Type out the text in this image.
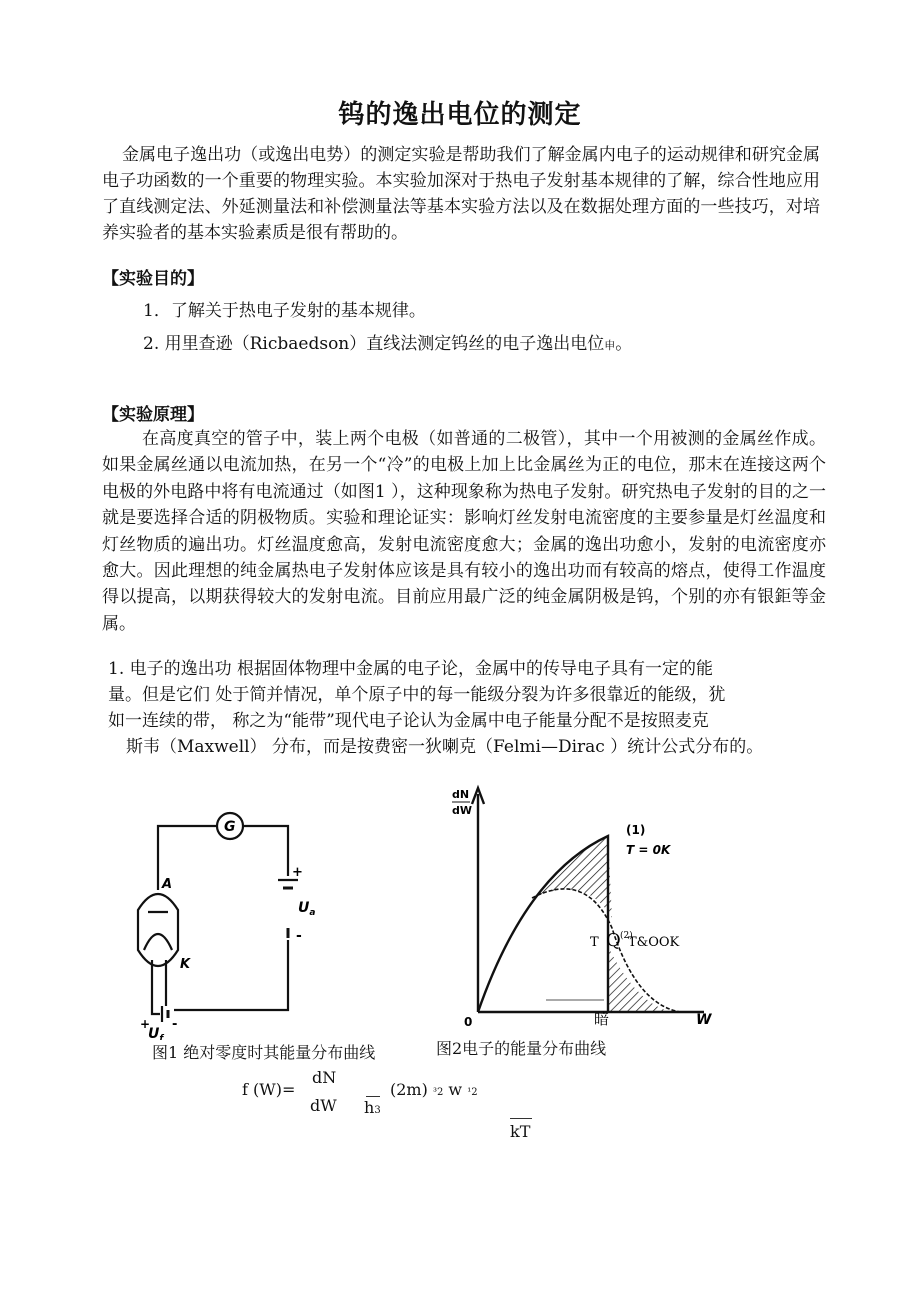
钨的逸出电位的测定

金属电子逸出功（或逸出电势）的测定实验是帮助我们了解金属内电子的运动规律和研究金属电子功函数的一个重要的物理实验。本实验加深对于热电子发射基本规律的了解，综合性地应用了直线测定法、外延测量法和补偿测量法等基本实验方法以及在数据处理方面的一些技巧，对培养实验者的基本实验素质是很有帮助的。

【实验目的】
1．了解关于热电子发射的基本规律。
2. 用里查逊（Ricbaedson）直线法测定钨丝的电子逸出电位申。
【实验原理】

在高度真空的管子中，装上两个电极（如普通的二极管），其中一个用被测的金属丝作成。如果金属丝通以电流加热，在另一个“冷”的电极上加上比金属丝为正的电位，那末在连接这两个电极的外电路中将有电流通过（如图1 ），这种现象称为热电子发射。研究热电子发射的目的之一就是要选择合适的阴极物质。实验和理论证实：影响灯丝发射电流密度的主要参量是灯丝温度和灯丝物质的遍出功。灯丝温度愈高，发射电流密度愈大；金属的逸出功愈小，发射的电流密度亦愈大。因此理想的纯金属热电子发射体应该是具有较小的逸出功而有较高的熔点，使得工作温度得以提高，以期获得较大的发射电流。目前应用最广泛的纯金属阴极是钨，个别的亦有银鉅等金属。

1. 电子的逸出功 根据固体物理中金属的电子论，金属中的传导电子具有一定的能
量。但是它们 处于简并情况，单个原子中的每一能级分裂为许多很靠近的能级，犹
如一连续的带， 称之为“能带”现代电子论认为金属中电子能量分配不是按照麦克
斯韦（Maxwell） 分布，而是按费密一狄喇克（Felmi—Dirac ）统计公式分布的。
G
A
K
+
$U_a$
-
+
$U_f$
-
dN
dW
(1)
T = 0K
T Q (2)
T&OOK
0	W
暗
图1 绝对零度时其能量分布曲线	图2电子的能量分布曲线
f (W)=
dN
dW h3
(2m) ³2 w ¹2
kT
